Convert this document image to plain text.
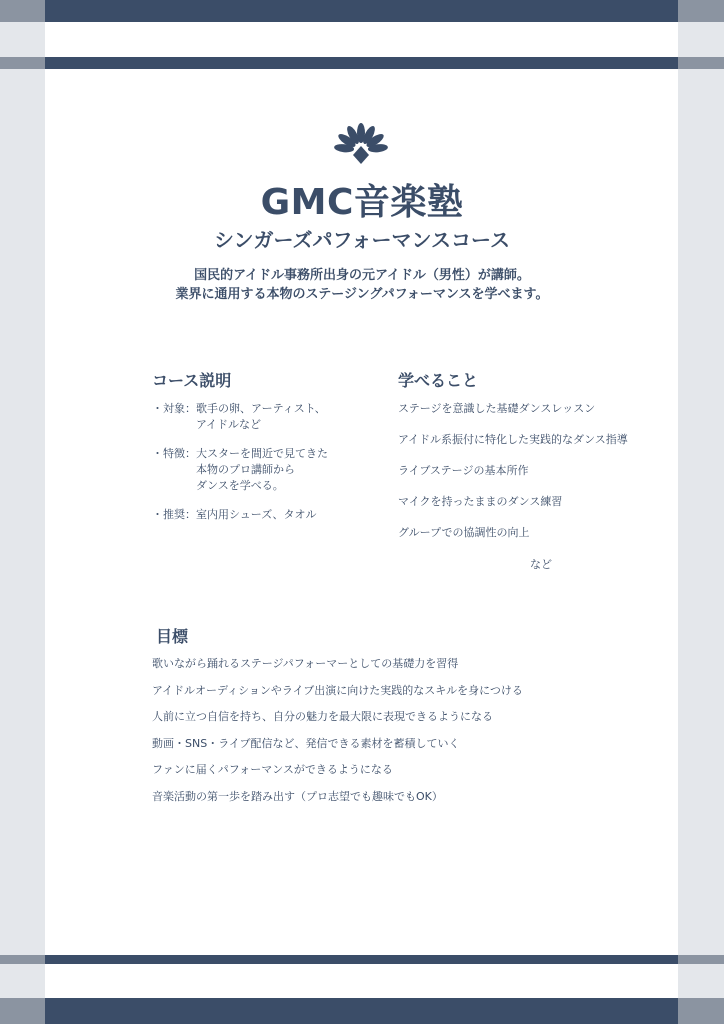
GMC音楽塾
シンガーズパフォーマンスコース
国民的アイドル事務所出身の元アイドル（男性）が講師。
業界に通用する本物のステージングパフォーマンスを学べます。
コース説明
・対象： 歌手の卵、アーティスト、
アイドルなど
・特徴： 大スターを間近で見てきた
本物のプロ講師から
ダンスを学べる。
・推奨： 室内用シューズ、タオル
学べること
ステージを意識した基礎ダンスレッスン
アイドル系振付に特化した実践的なダンス指導
ライブステージの基本所作
マイクを持ったままのダンス練習
グループでの協調性の向上
など
目標
歌いながら踊れるステージパフォーマーとしての基礎力を習得
アイドルオーディションやライブ出演に向けた実践的なスキルを身につける
人前に立つ自信を持ち、自分の魅力を最大限に表現できるようになる
動画・SNS・ライブ配信など、発信できる素材を蓄積していく
ファンに届くパフォーマンスができるようになる
音楽活動の第一歩を踏み出す（プロ志望でも趣味でもOK）
